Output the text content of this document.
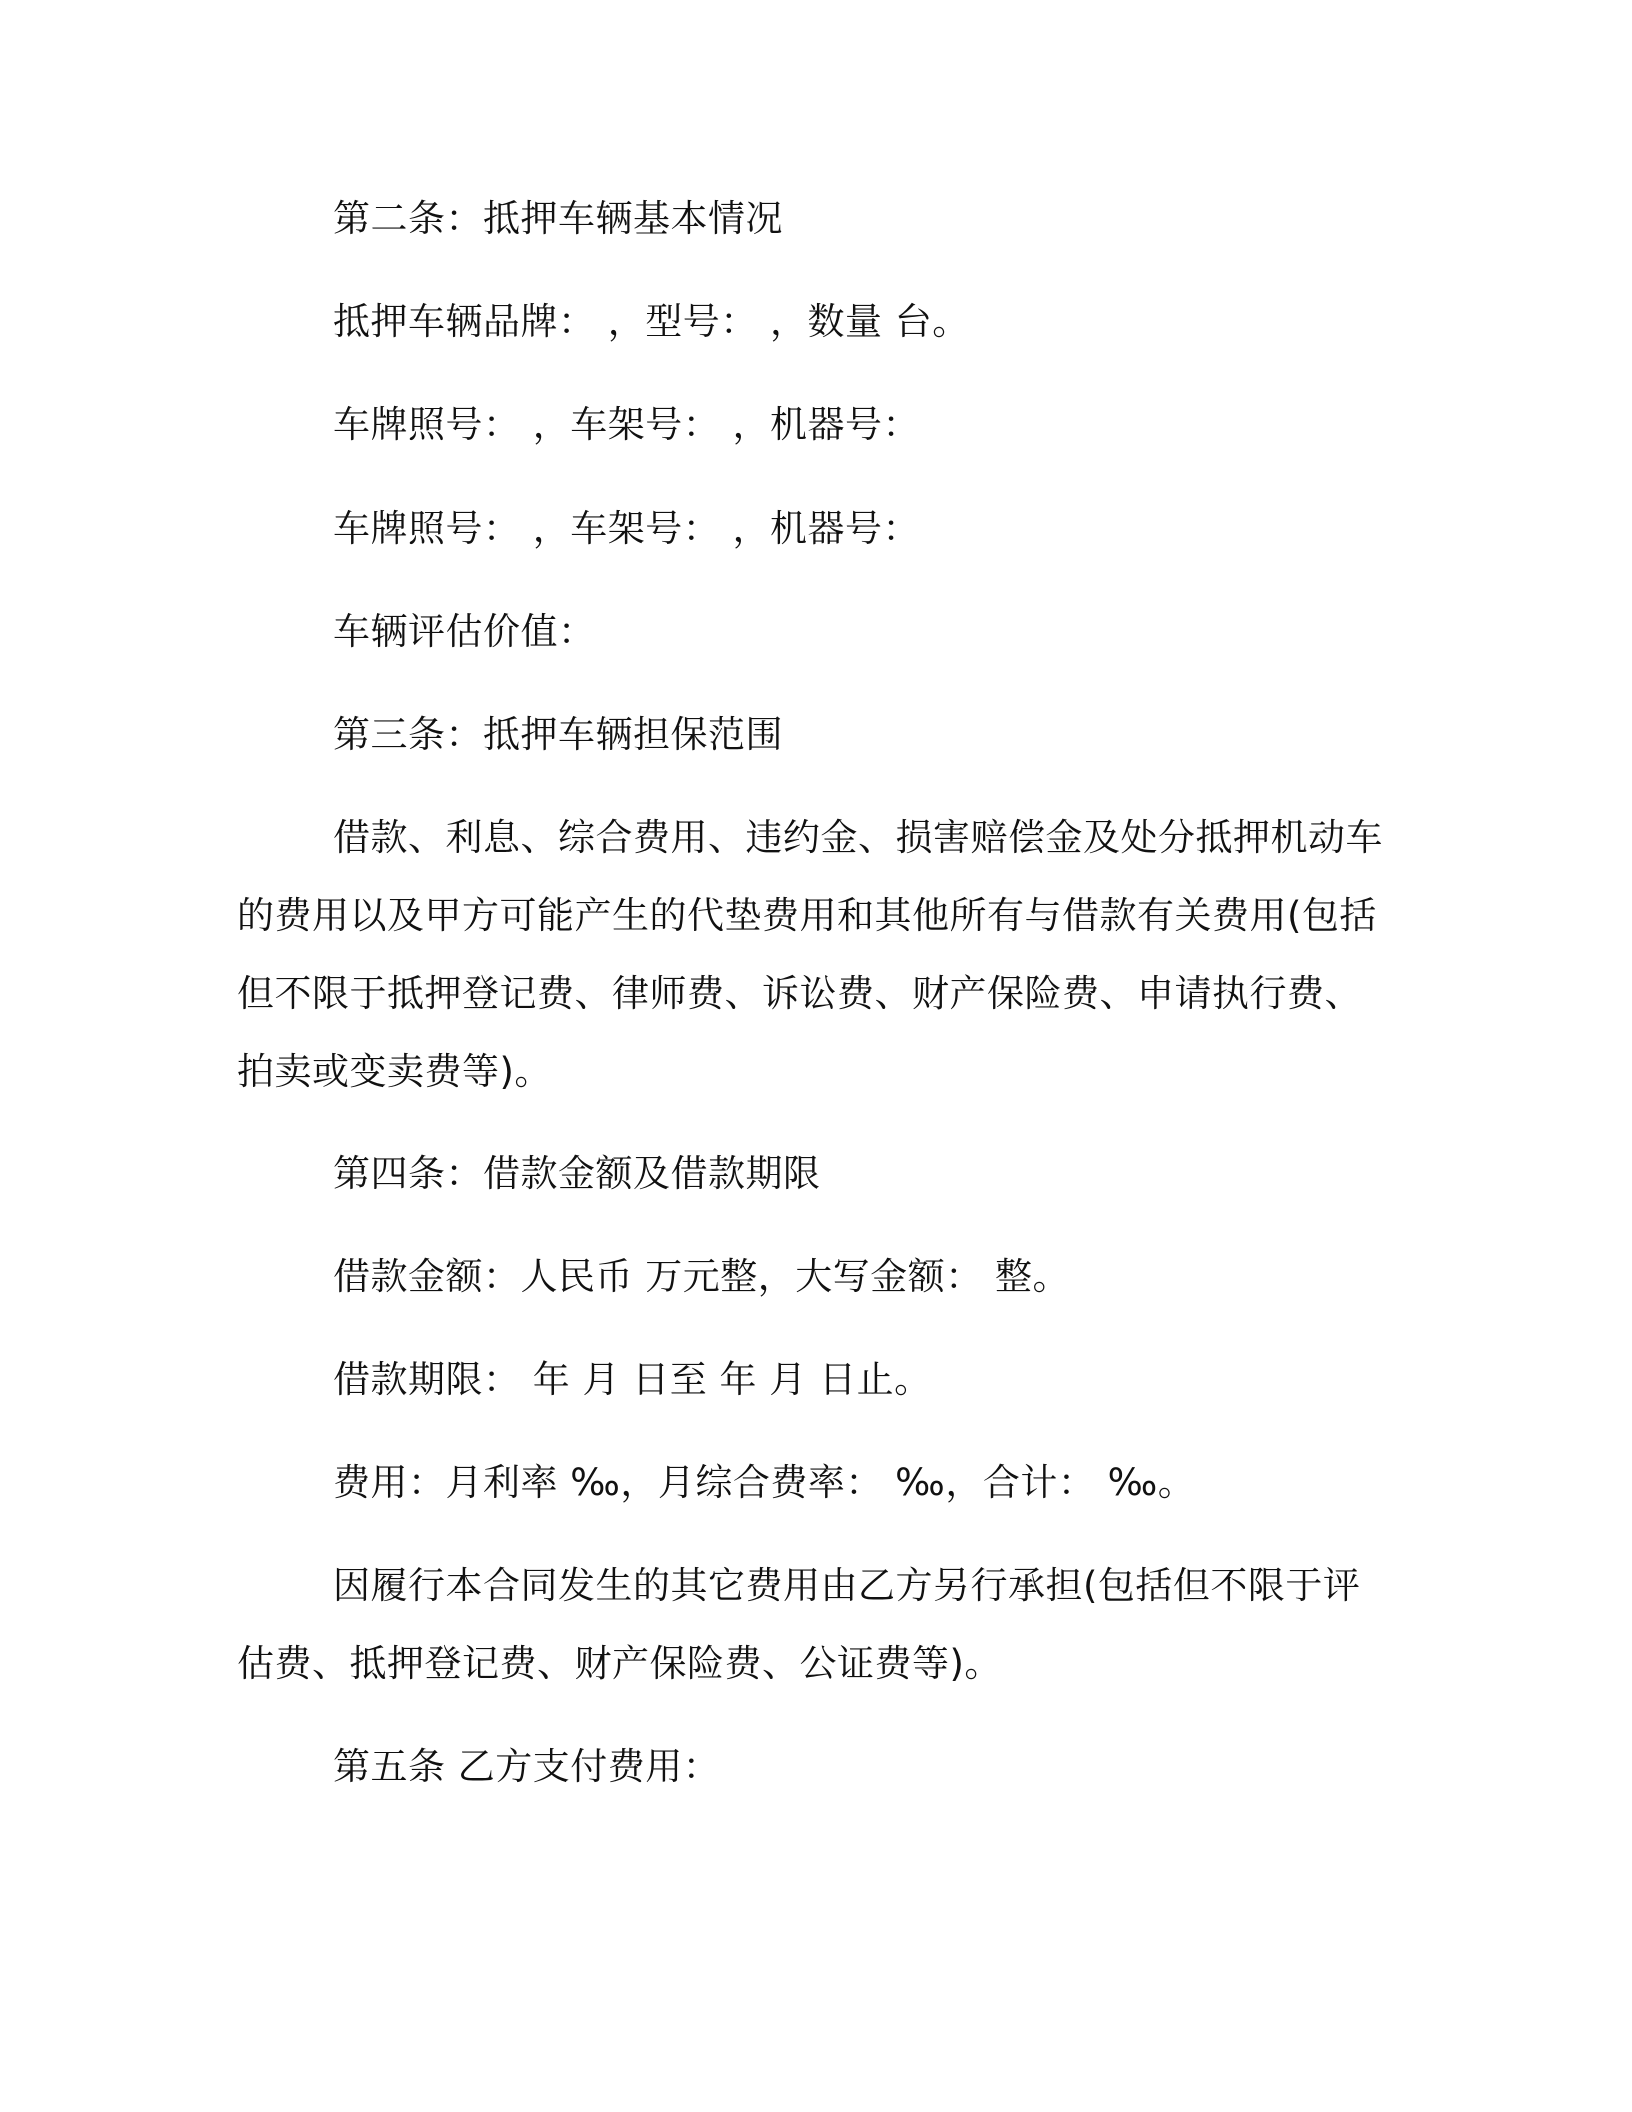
第二条：抵押车辆基本情况
抵押车辆品牌： ，型号： ，数量 台。
车牌照号： ，车架号： ，机器号：
车牌照号： ，车架号： ，机器号：
车辆评估价值：
第三条：抵押车辆担保范围
借款、利息、综合费用、违约金、损害赔偿金及处分抵押机动车
的费用以及甲方可能产生的代垫费用和其他所有与借款有关费用(包括
但不限于抵押登记费、律师费、诉讼费、财产保险费、申请执行费、
拍卖或变卖费等)。
第四条：借款金额及借款期限
借款金额：人民币 万元整，大写金额： 整。
借款期限： 年 月 日至 年 月 日止。
费用：月利率 ‰，月综合费率： ‰，合计： ‰。
因履行本合同发生的其它费用由乙方另行承担(包括但不限于评
估费、抵押登记费、财产保险费、公证费等)。
第五条 乙方支付费用：
